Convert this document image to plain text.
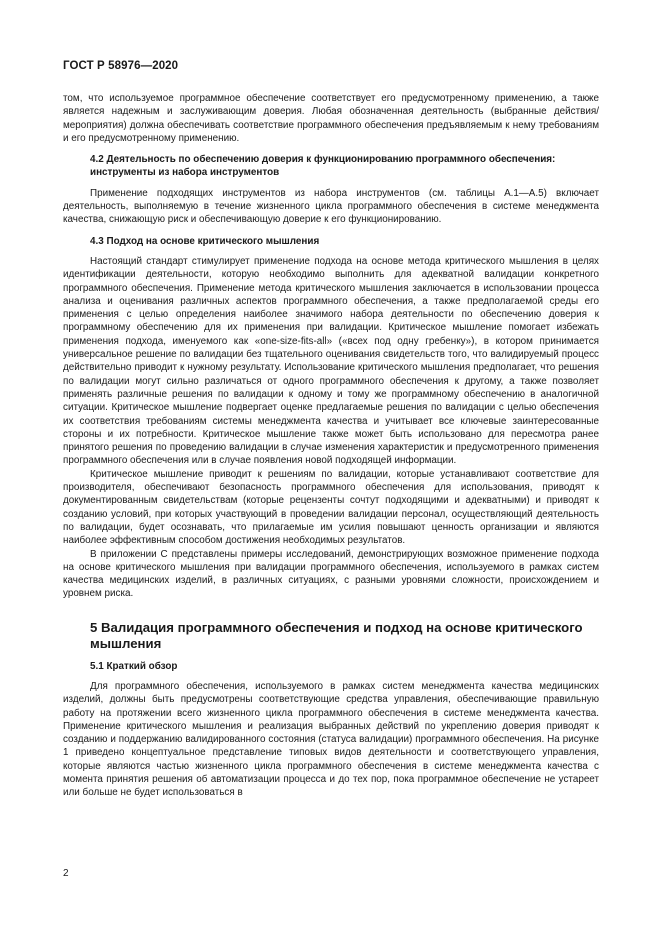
ГОСТ Р 58976—2020

том, что используемое программное обеспечение соответствует его предусмотренному применению, а также является надежным и заслуживающим доверия. Любая обозначенная деятельность (выбранные действия/мероприятия) должна обеспечивать соответствие программного обеспечения предъявляемым к нему требованиям и его предусмотренному применению.

4.2 Деятельность по обеспечению доверия к функционированию программного обеспечения: инструменты из набора инструментов

Применение подходящих инструментов из набора инструментов (см. таблицы А.1—А.5) включает деятельность, выполняемую в течение жизненного цикла программного обеспечения в системе менеджмента качества, снижающую риск и обеспечивающую доверие к его функционированию.

4.3 Подход на основе критического мышления

Настоящий стандарт стимулирует применение подхода на основе метода критического мышления в целях идентификации деятельности, которую необходимо выполнить для адекватной валидации конкретного программного обеспечения. Применение метода критического мышления заключается в использовании процесса анализа и оценивания различных аспектов программного обеспечения, а также предполагаемой среды его применения с целью определения наиболее значимого набора деятельности по обеспечению доверия к программному обеспечению для их применения при валидации. Критическое мышление помогает избежать применения подхода, именуемого как «one-size-fits-all» («всех под одну гребенку»), в котором принимается универсальное решение по валидации без тщательного оценивания свидетельств того, что валидируемый процесс действительно приводит к нужному результату. Использование критического мышления предполагает, что решения по валидации могут сильно различаться от одного программного обеспечения к другому, а также позволяет применять различные решения по валидации к одному и тому же программному обеспечению в аналогичной ситуации. Критическое мышление подвергает оценке предлагаемые решения по валидации с целью обеспечения их соответствия требованиям системы менеджмента качества и учитывает все ключевые заинтересованные стороны и их потребности. Критическое мышление также может быть использовано для пересмотра ранее принятого решения по проведению валидации в случае изменения характеристик и предусмотренного применения программного обеспечения или в случае появления новой подходящей информации.

Критическое мышление приводит к решениям по валидации, которые устанавливают соответствие для производителя, обеспечивают безопасность программного обеспечения для использования, приводят к документированным свидетельствам (которые рецензенты сочтут подходящими и адекватными) и приводят к созданию условий, при которых участвующий в проведении валидации персонал, осуществляющий деятельность по валидации, будет осознавать, что прилагаемые им усилия повышают ценность организации и являются наиболее эффективным способом достижения необходимых результатов.

В приложении С представлены примеры исследований, демонстрирующих возможное применение подхода на основе критического мышления при валидации программного обеспечения, используемого в рамках систем качества медицинских изделий, в различных ситуациях, с разными уровнями сложности, происхождением и уровнем риска.

5 Валидация программного обеспечения и подход на основе критического мышления
5.1 Краткий обзор

Для программного обеспечения, используемого в рамках систем менеджмента качества медицинских изделий, должны быть предусмотрены соответствующие средства управления, обеспечивающие правильную работу на протяжении всего жизненного цикла программного обеспечения в системе менеджмента качества. Применение критического мышления и реализация выбранных действий по укреплению доверия приводят к созданию и поддержанию валидированного состояния (статуса валидации) программного обеспечения. На рисунке 1 приведено концептуальное представление типовых видов деятельности и соответствующего управления, которые являются частью жизненного цикла программного обеспечения в системе менеджмента качества с момента принятия решения об автоматизации процесса и до тех пор, пока программное обеспечение не устареет или больше не будет использоваться в

2
